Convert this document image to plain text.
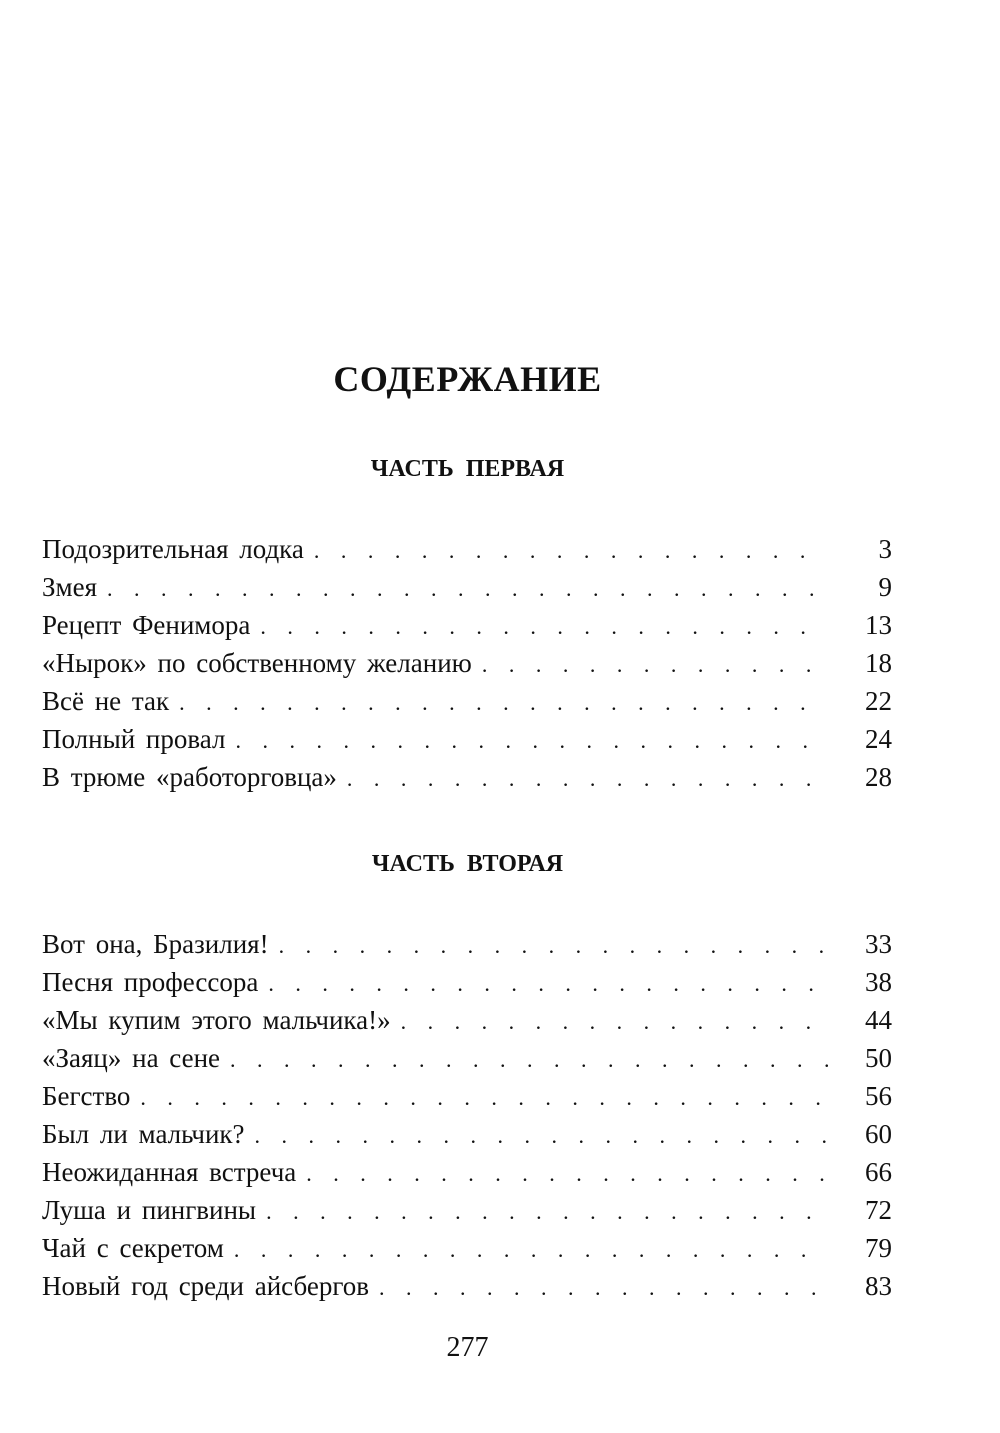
СОДЕРЖАНИЕ
ЧАСТЬ ПЕРВАЯ
Подозрительная лодка . . .	3
Змея . . .	9
Рецепт Фенимора . . .	13
«Нырок» по собственному желанию . . .	18
Всё не так . . .	22
Полный провал . . .	24
В трюме «работорговца» . . .	28
ЧАСТЬ ВТОРАЯ
Вот она, Бразилия! . . .	33
Песня профессора . . .	38
«Мы купим этого мальчика!» . . .	44
«Заяц» на сене . . .	50
Бегство . . .	56
Был ли мальчик? . . .	60
Неожиданная встреча . . .	66
Луша и пингвины . . .	72
Чай с секретом . . .	79
Новый год среди айсбергов . . .	83

277
